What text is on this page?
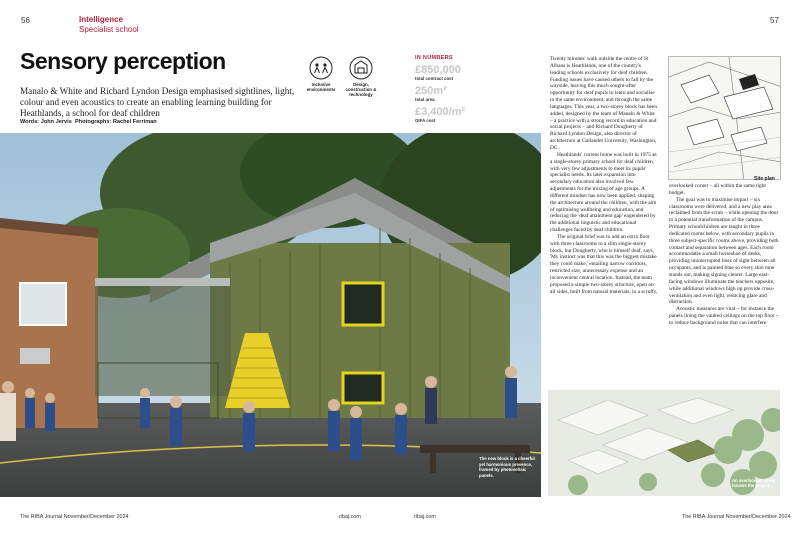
56	57
Intelligence
Specialist school
Sensory perception

Manalo & White and Richard Lyndon Design emphasised sightlines, light, colour and even acoustics to create an enabling learning building for Heathlands, a school for deaf children

Words: John Jervis Photographs: Rachel Ferriman
Inclusive environments
Design, construction & technology
IN NUMBERS
£850,000
total contract cost
250m²
total area
£3,400/m²
GIFA cost
The new block is a cheerful yet harmonious presence, framed by photovoltaic panels.

Twenty minutes' walk outside the centre of St Albans is Heathlands, one of the country's leading schools exclusively for deaf children. Funding issues have caused others to fall by the wayside, leaving this much sought-after opportunity for deaf pupils to learn and socialise in the same environment, and through the same languages. This year, a two-storey block has been added, designed by the team of Manalo & White – a practice with a strong record in education and social projects – and Richard Dougherty of Richard Lyndon Design, also director of architecture at Gallaudet University, Washington, DC.

Heathlands' current home was built in 1975 as a single-storey primary school for deaf children, with very few adjustments to meet its pupils' specialist needs. Its later expansion into secondary education also involved few adjustments for the mixing of age groups. A different mindset has now been applied, shaping the architecture around the children, with the aim of optimising wellbeing and education, and reducing the 'deaf attainment gap' engendered by the additional linguistic and educational challenges faced by deaf children.

The original brief was to add an extra floor with three classrooms to a slim single-storey block, but Dougherty, who is himself deaf, says, 'My instinct was that this was the biggest mistake they could make,' entailing narrow corridors, restricted size, unnecessary expense and an inconvenient central location. Instead, the team proposed a simple two-storey structure, open on all sides, built from natural materials, in a scruffy,

Site plan

overlooked corner – all within the same tight budget.

The goal was to maximise impact – six classrooms were delivered, and a new play area reclaimed from the scrub – while opening the door to a potential transformation of the campus. Primary schoolchildren are taught in three dedicated rooms below, with secondary pupils in three subject-specific rooms above, providing both contact and separation between ages. Each room accommodates a small horseshoe of desks, providing uninterrupted lines of sight between all occupants, and is painted blue so every skin tone stands out, making signing clearer. Large east-facing windows illuminate the teachers opposite, while additional windows high up provide cross-ventilation and even light, reducing glare and distraction.

Acoustic measures are vital – for instance the panels lining the vaulted ceilings on the top floor – to reduce background noise that can interfere

An overlooked corner houses the project.
The RIBA Journal November/December 2024	ribaj.com	ribaj.com	The RIBA Journal November/December 2024
